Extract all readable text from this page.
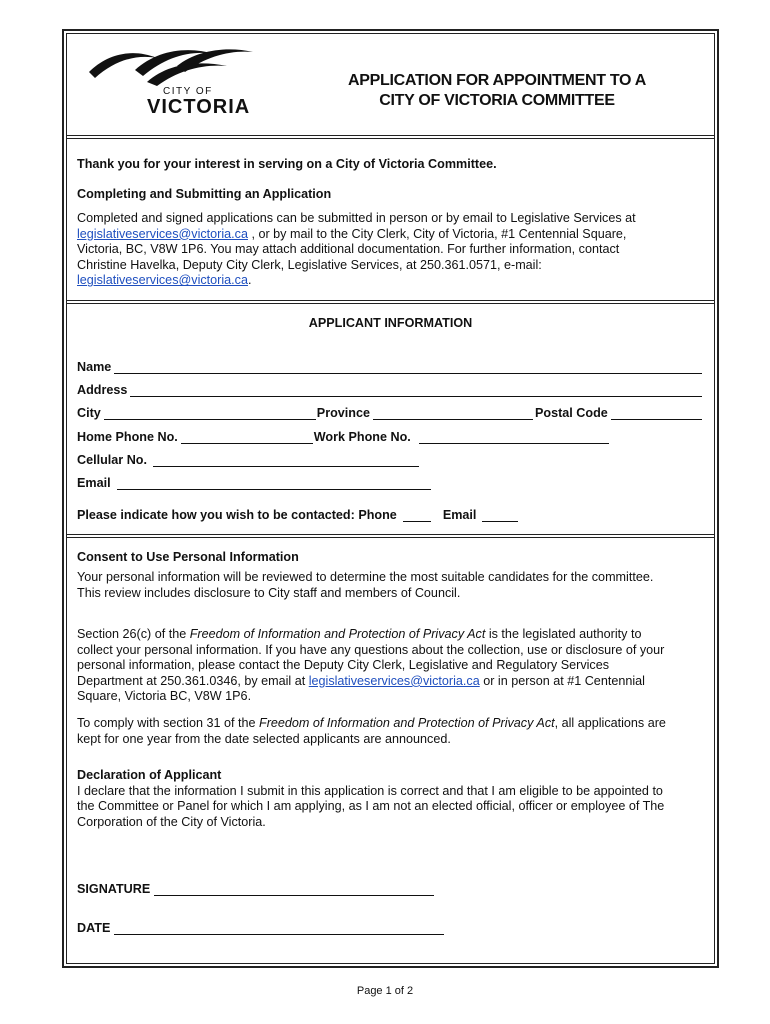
CITY OF
VICTORIA
APPLICATION FOR APPOINTMENT TO A
CITY OF VICTORIA COMMITTEE
Thank you for your interest in serving on a City of Victoria Committee.
Completing and Submitting an Application
Completed and signed applications can be submitted in person or by email to Legislative Services at
legislativeservices@victoria.ca , or by mail to the City Clerk, City of Victoria, #1 Centennial Square,
Victoria, BC, V8W 1P6. You may attach additional documentation. For further information, contact
Christine Havelka, Deputy City Clerk, Legislative Services, at 250.361.0571, e-mail:
legislativeservices@victoria.ca.
APPLICANT INFORMATION
Name
Address
City	Province	Postal Code
Home Phone No.	Work Phone No.
Cellular No.
Email
Please indicate how you wish to be contacted: Phone	Email
Consent to Use Personal Information
Your personal information will be reviewed to determine the most suitable candidates for the committee.
This review includes disclosure to City staff and members of Council.
Section 26(c) of the Freedom of Information and Protection of Privacy Act is the legislated authority to
collect your personal information. If you have any questions about the collection, use or disclosure of your
personal information, please contact the Deputy City Clerk, Legislative and Regulatory Services
Department at 250.361.0346, by email at legislativeservices@victoria.ca or in person at #1 Centennial
Square, Victoria BC, V8W 1P6.
To comply with section 31 of the Freedom of Information and Protection of Privacy Act, all applications are
kept for one year from the date selected applicants are announced.
Declaration of Applicant
I declare that the information I submit in this application is correct and that I am eligible to be appointed to
the Committee or Panel for which I am applying, as I am not an elected official, officer or employee of The
Corporation of the City of Victoria.
SIGNATURE
DATE
Page 1 of 2
